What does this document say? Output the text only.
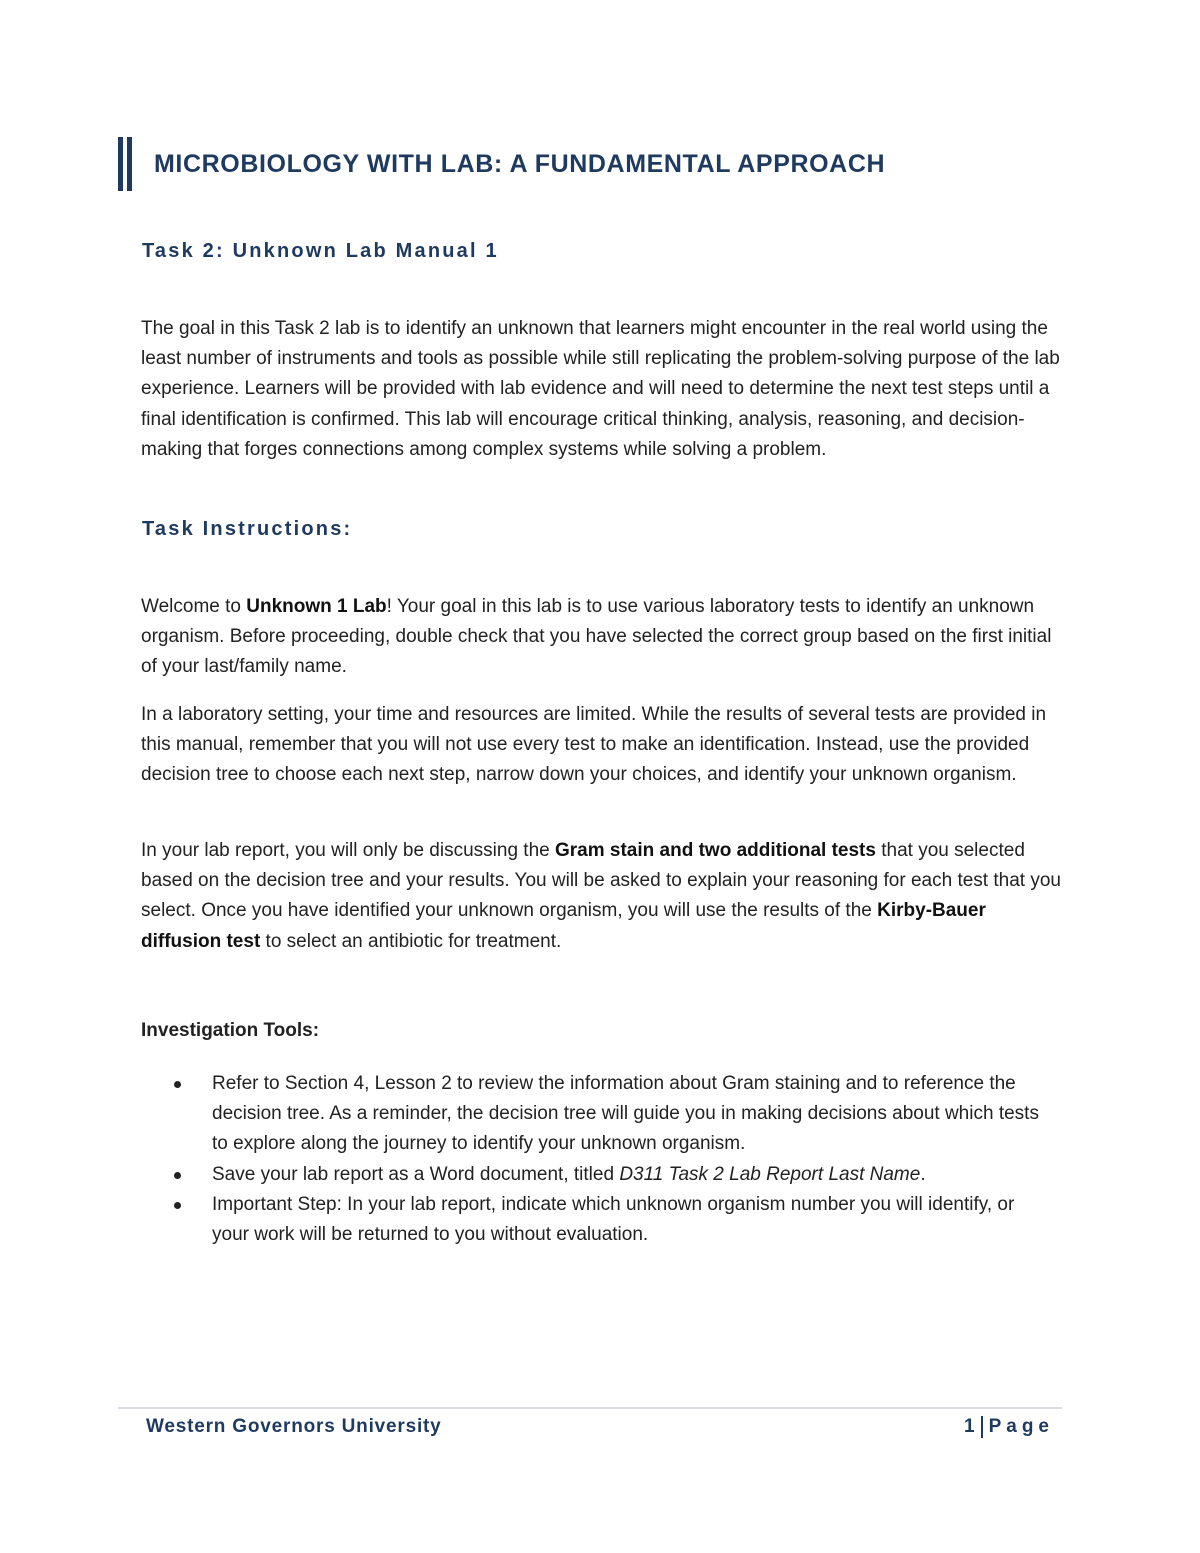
MICROBIOLOGY WITH LAB: A FUNDAMENTAL APPROACH
Task 2: Unknown Lab Manual 1
The goal in this Task 2 lab is to identify an unknown that learners might encounter in the real world using the least number of instruments and tools as possible while still replicating the problem-solving purpose of the lab experience. Learners will be provided with lab evidence and will need to determine the next test steps until a final identification is confirmed. This lab will encourage critical thinking, analysis, reasoning, and decision-making that forges connections among complex systems while solving a problem.
Task Instructions:
Welcome to Unknown 1 Lab! Your goal in this lab is to use various laboratory tests to identify an unknown organism. Before proceeding, double check that you have selected the correct group based on the first initial of your last/family name.
In a laboratory setting, your time and resources are limited. While the results of several tests are provided in this manual, remember that you will not use every test to make an identification. Instead, use the provided decision tree to choose each next step, narrow down your choices, and identify your unknown organism.
In your lab report, you will only be discussing the Gram stain and two additional tests that you selected based on the decision tree and your results. You will be asked to explain your reasoning for each test that you select. Once you have identified your unknown organism, you will use the results of the Kirby-Bauer diffusion test to select an antibiotic for treatment.
Investigation Tools:
Refer to Section 4, Lesson 2 to review the information about Gram staining and to reference the decision tree. As a reminder, the decision tree will guide you in making decisions about which tests to explore along the journey to identify your unknown organism.
Save your lab report as a Word document, titled D311 Task 2 Lab Report Last Name.
Important Step: In your lab report, indicate which unknown organism number you will identify, or your work will be returned to you without evaluation.
Western Governors University	1 Page
